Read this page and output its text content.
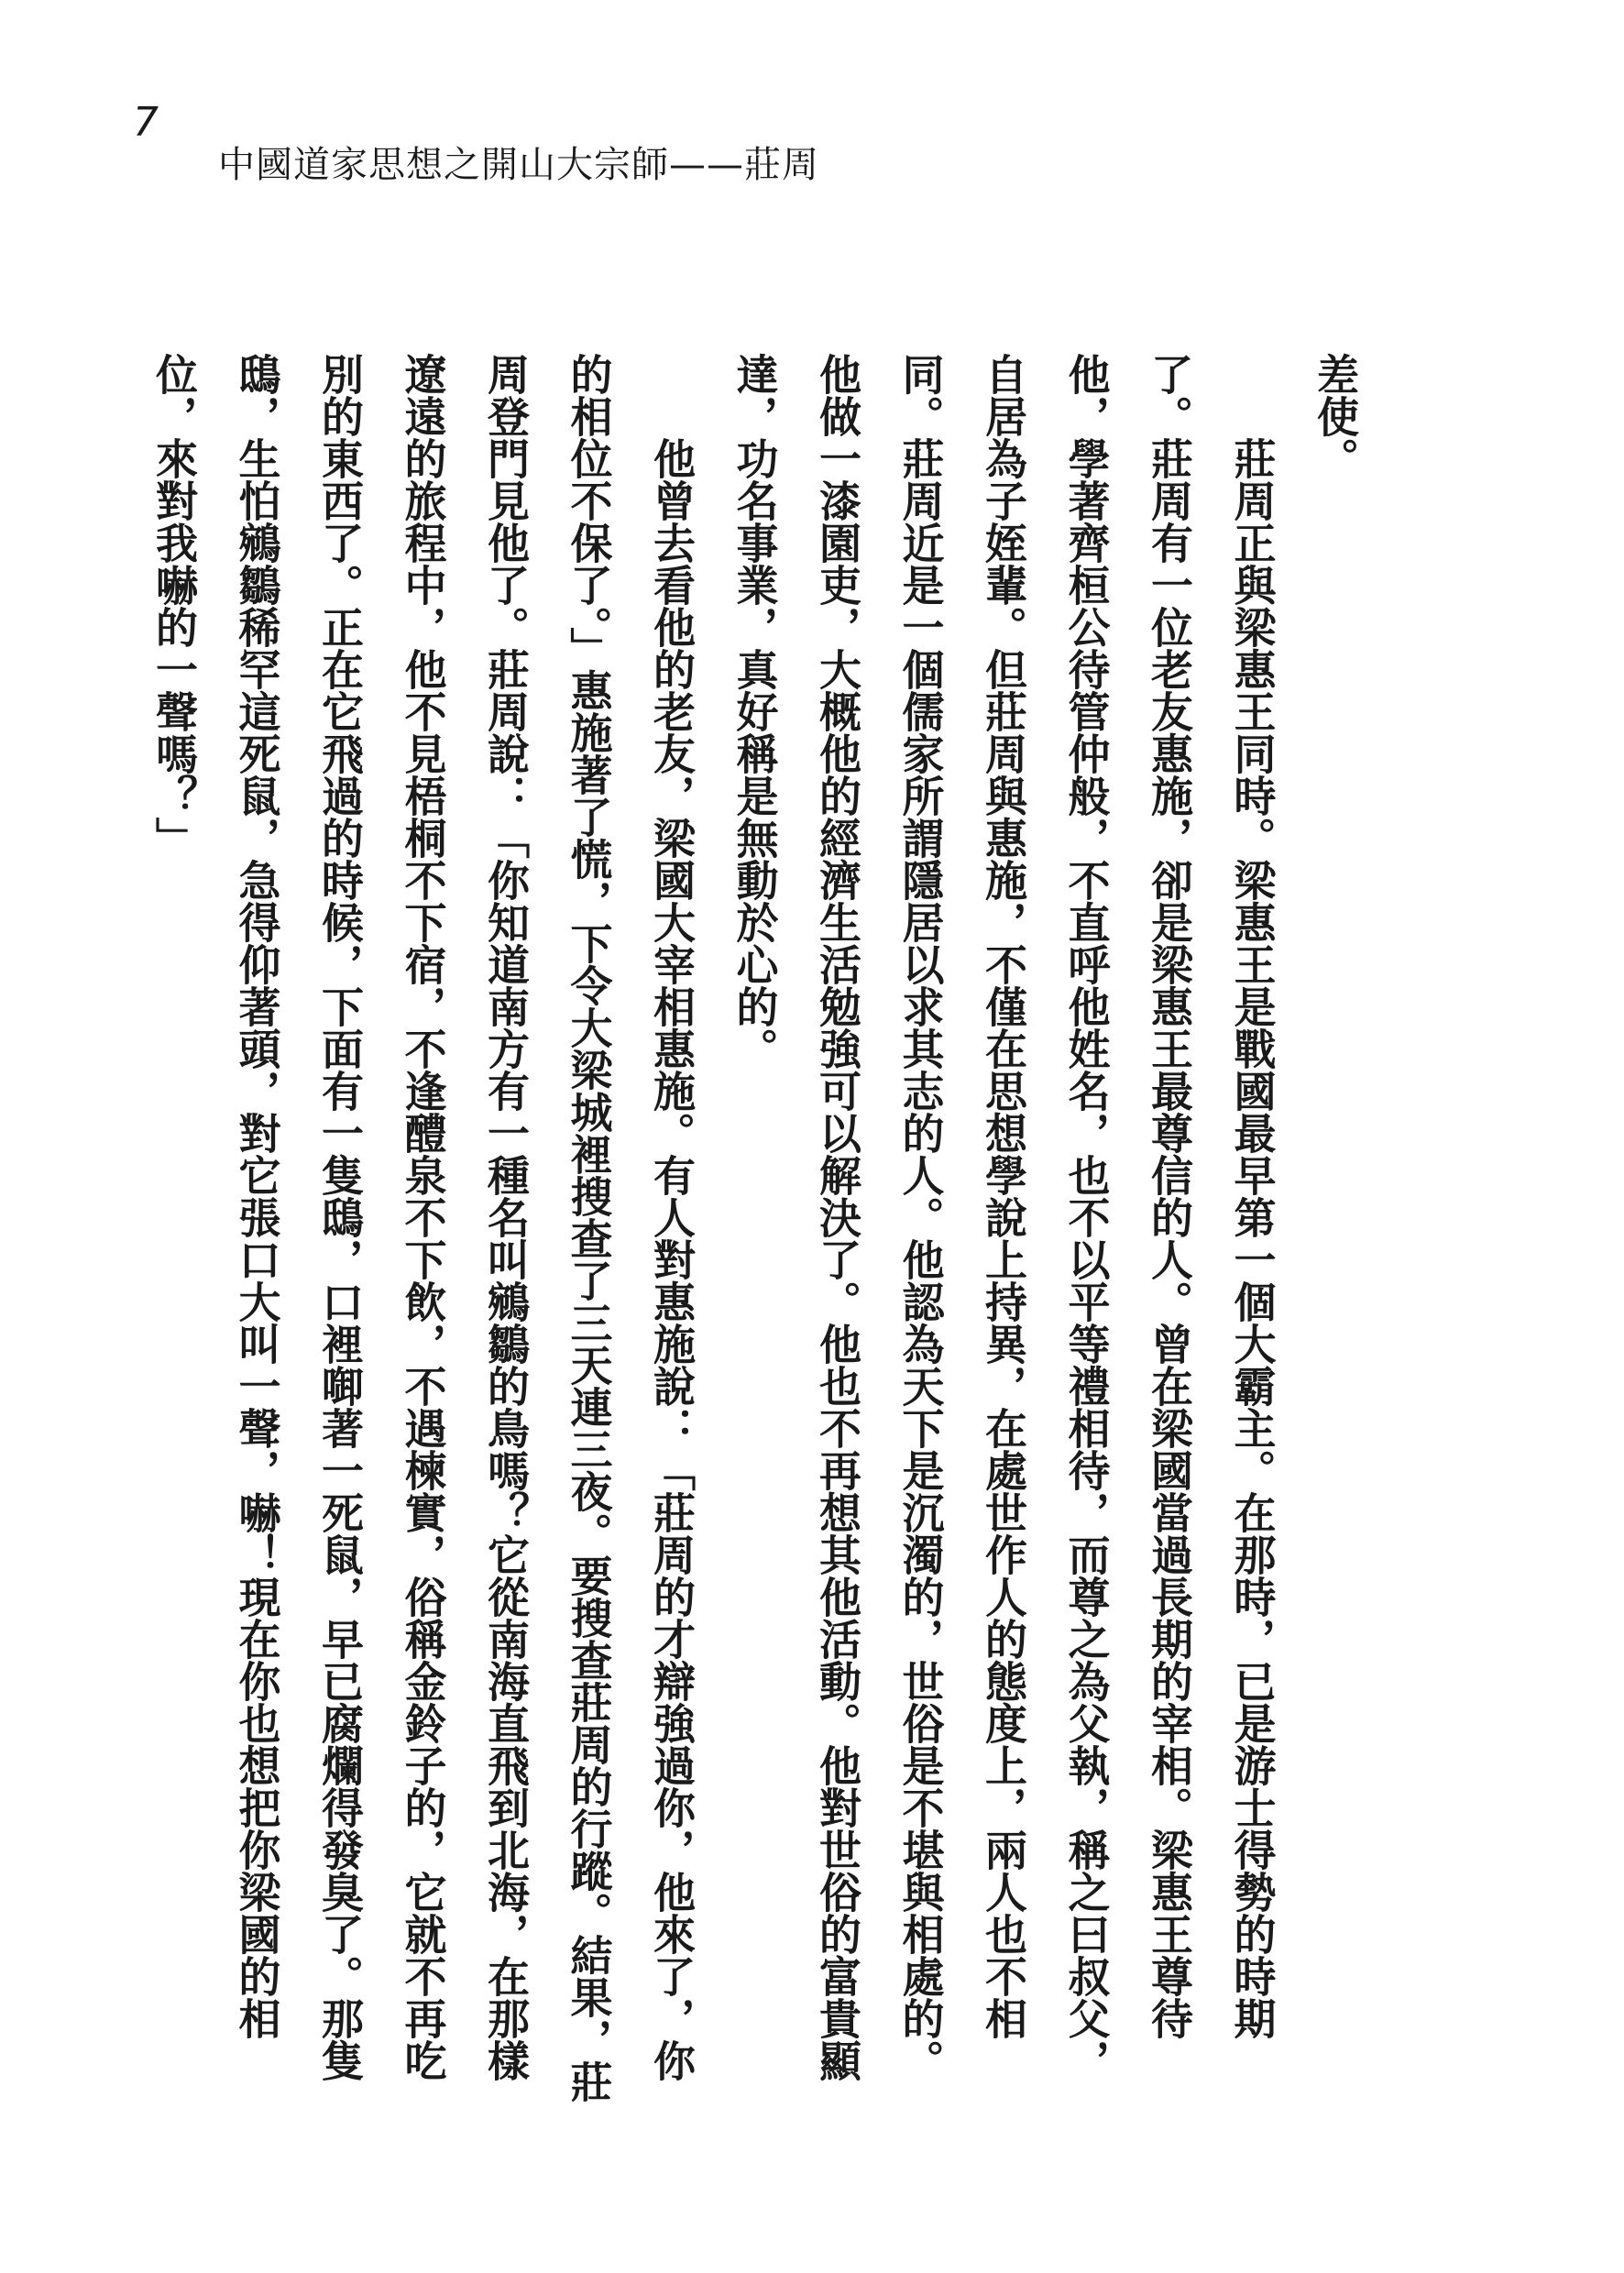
7
中國道家思想之開山大宗師——莊周

差使。

莊周正與梁惠王同時。梁惠王是戰國最早第一個大霸主。在那時，已是游士得勢的時期了。莊周有一位老友惠施，卻是梁惠王最尊信的人。曾在梁國當過長期的宰相。梁惠王尊待他，學著齊桓公待管仲般，不直呼他姓名，也不以平等禮相待，而尊之為父執，稱之曰叔父，自居為子姪輩。但莊周與惠施，不僅在思想學說上持異，在處世作人的態度上，兩人也不相同。莊周近是一個儒家所謂隱居以求其志的人。他認為天下是沉濁的，世俗是不堪與相處的。他做一漆園吏，大概他的經濟生活勉強可以解決了。他也不再想其他活動。他對世俗的富貴顯達，功名事業，真好稱是無動於心的。

他曾去看他的老友，梁國大宰相惠施。有人對惠施說：「莊周的才辯強過你，他來了，你的相位不保了。」惠施著了慌，下令大梁城裡搜查了三天連三夜。要搜查莊周的行蹤。結果，莊周登門見他了。莊周說：「你知道南方有一種名叫鵷鶵的鳥嗎？它從南海直飛到北海，在那樣遼遠的旅程中，他不見梧桐不下宿，不逢醴泉不下飲，不遇楝實，俗稱金鈴子的，它就不再吃別的東西了。正在它飛過的時候，下面有一隻鴟，口裡啣著一死鼠，早已腐爛得發臭了。那隻鴟，生怕鵷鶵稀罕這死鼠，急得仰著頭，對它張口大叫一聲，嚇！現在你也想把你梁國的相位，來對我嚇的一聲嗎？」
